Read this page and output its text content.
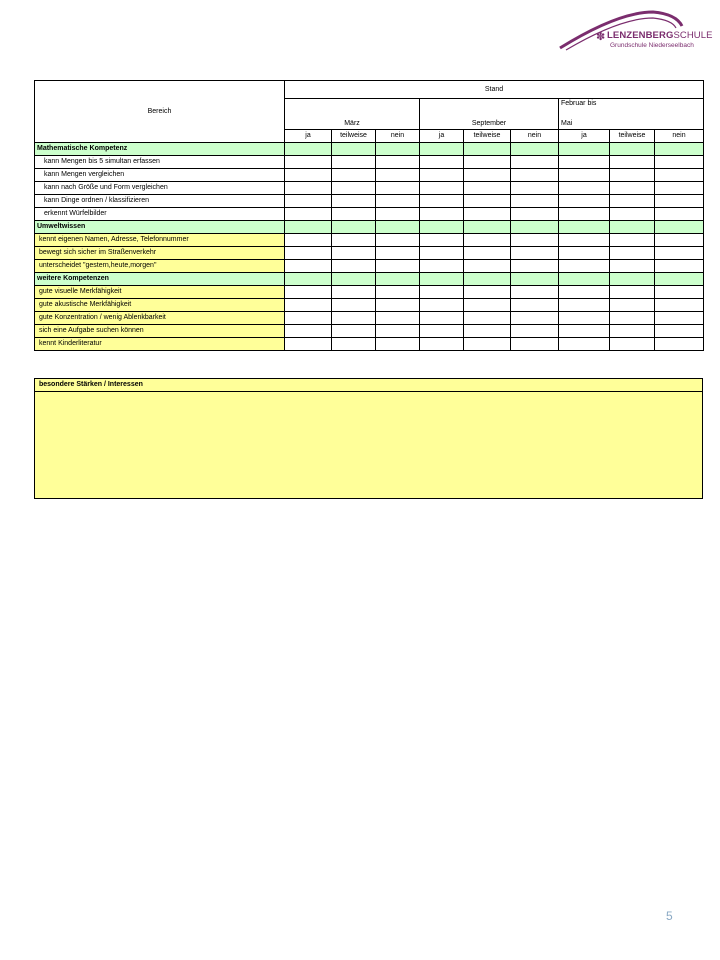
✽ LENZENBERGSCHULE
Grundschule Niederseelbach
Bereich	Stand								

	März			September			Februar bis

Mai		

	ja	teilweise	nein	ja	teilweise	nein	ja	teilweise	nein
Mathematische Kompetenz									
kann Mengen bis 5 simultan erfassen									
kann Mengen vergleichen									
kann nach Größe und Form vergleichen									
kann Dinge ordnen / klassifizieren									
erkennt Würfelbilder									
Umweltwissen									
kennt eigenen Namen, Adresse, Telefonnummer									
bewegt sich sicher im Straßenverkehr									
unterscheidet "gestern,heute,morgen"									
weitere Kompetenzen									
gute visuelle Merkfähigkeit									
gute akustische Merkfähigkeit									
gute Konzentration / wenig Ablenkbarkeit									
sich eine Aufgabe suchen können									
kennt Kinderliteratur									
besondere Stärken / Interessen

5
